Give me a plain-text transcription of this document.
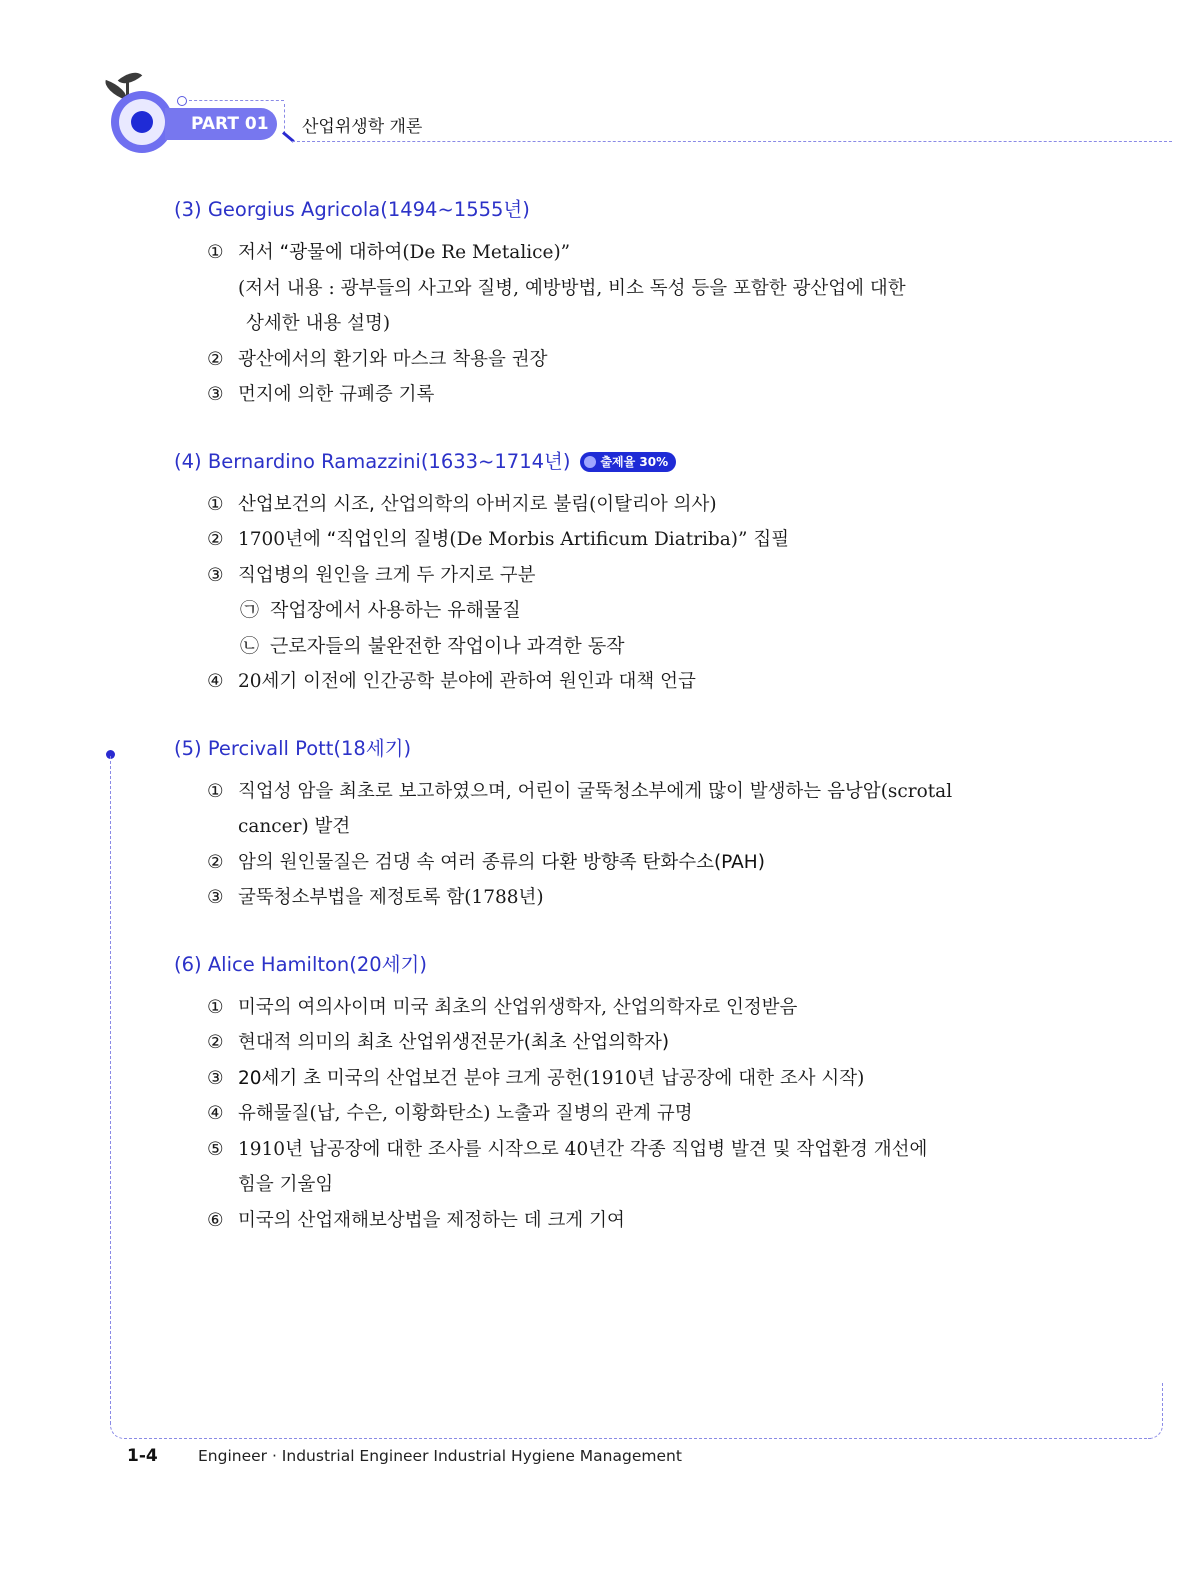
PART 01	산업위생학 개론
(3) Georgius Agricola(1494~1555년)
① 저서 “광물에 대하여(De Re Metalice)”
(저서 내용 : 광부들의 사고와 질병, 예방방법, 비소 독성 등을 포함한 광산업에 대한
상세한 내용 설명)
② 광산에서의 환기와 마스크 착용을 권장
③ 먼지에 의한 규폐증 기록
(4) Bernardino Ramazzini(1633~1714년)	출제율 30%
① 산업보건의 시조, 산업의학의 아버지로 불림(이탈리아 의사)
② 1700년에 “직업인의 질병(De Morbis Artificum Diatriba)” 집필
③ 직업병의 원인을 크게 두 가지로 구분
㉠ 작업장에서 사용하는 유해물질
㉡ 근로자들의 불완전한 작업이나 과격한 동작
④ 20세기 이전에 인간공학 분야에 관하여 원인과 대책 언급
(5) Percivall Pott(18세기)
① 직업성 암을 최초로 보고하였으며, 어린이 굴뚝청소부에게 많이 발생하는 음낭암(scrotal
cancer) 발견
② 암의 원인물질은 검댕 속 여러 종류의 다환 방향족 탄화수소(PAH)
③ 굴뚝청소부법을 제정토록 함(1788년)
(6) Alice Hamilton(20세기)
① 미국의 여의사이며 미국 최초의 산업위생학자, 산업의학자로 인정받음
② 현대적 의미의 최초 산업위생전문가(최초 산업의학자)
③ 20세기 초 미국의 산업보건 분야 크게 공헌(1910년 납공장에 대한 조사 시작)
④ 유해물질(납, 수은, 이황화탄소) 노출과 질병의 관계 규명
⑤ 1910년 납공장에 대한 조사를 시작으로 40년간 각종 직업병 발견 및 작업환경 개선에
힘을 기울임
⑥ 미국의 산업재해보상법을 제정하는 데 크게 기여
1-4	Engineer · Industrial Engineer Industrial Hygiene Management
